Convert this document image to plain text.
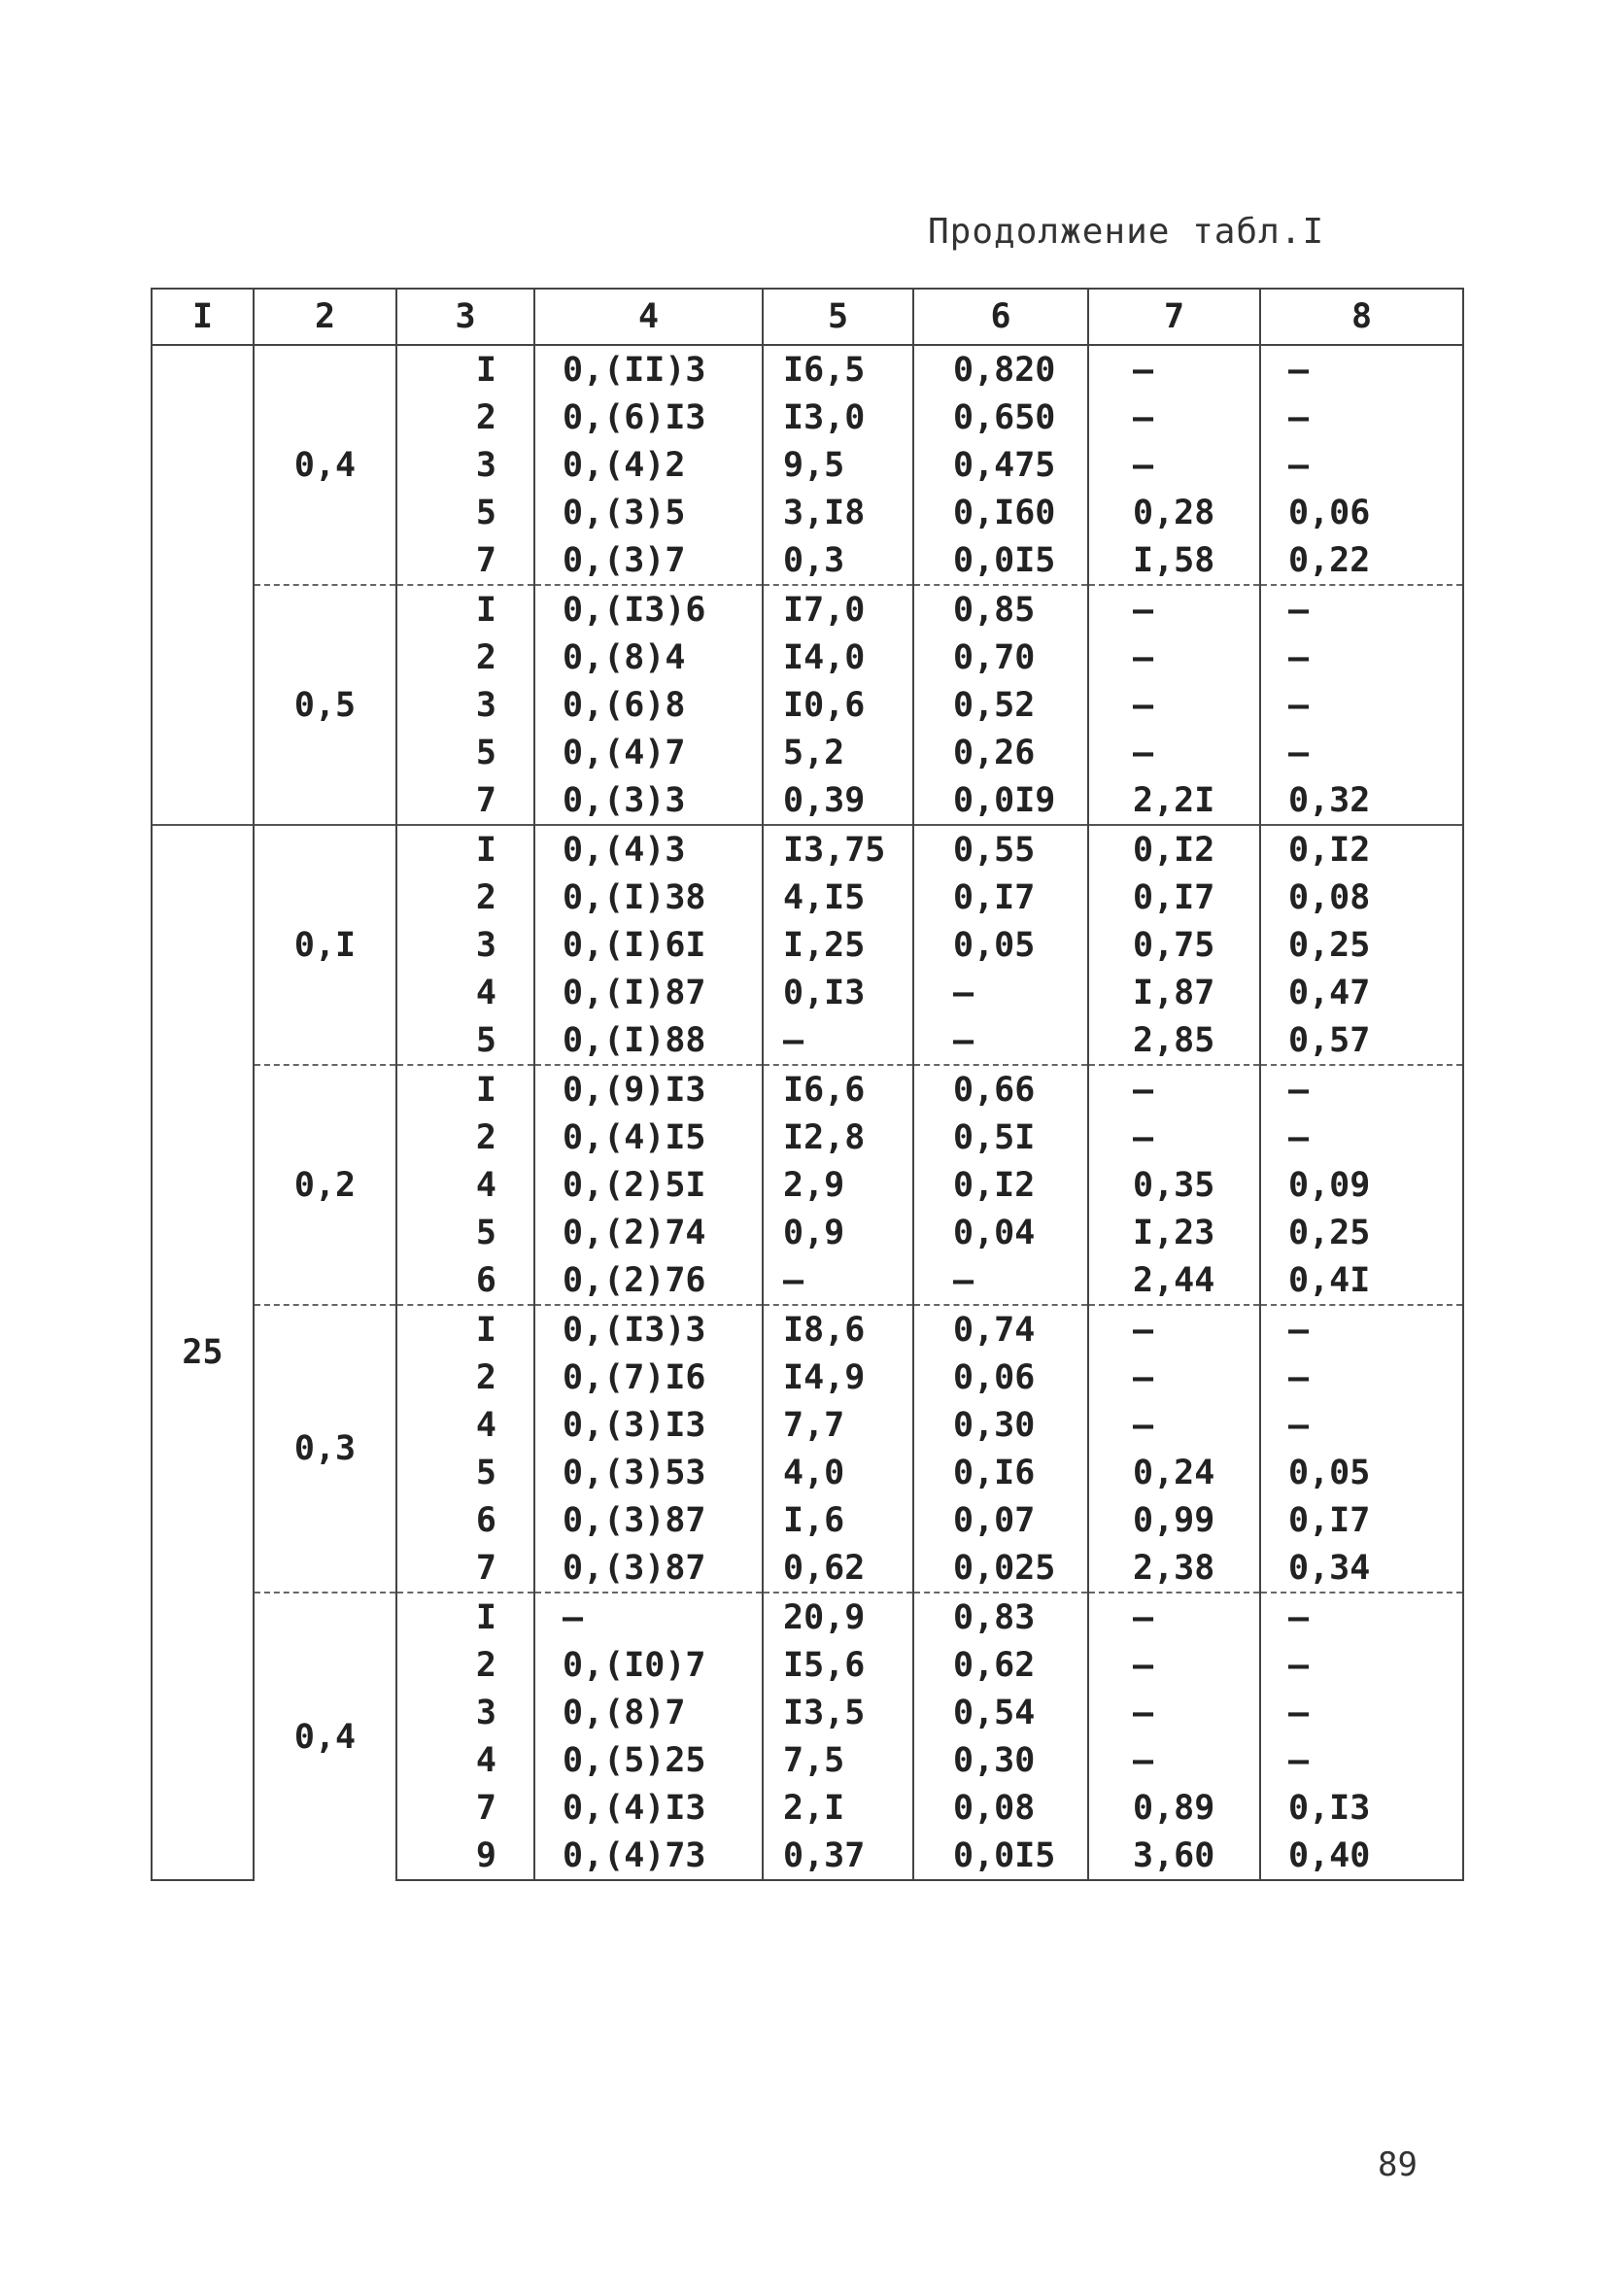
Продолжение табл.I
I	2	3	4	5	6	7	8
	0,4	I	0,(II)3	I6,5	0,820	–	–
		2	0,(6)I3	I3,0	0,650	–	–
		3	0,(4)2	9,5	0,475	–	–
		5	0,(3)5	3,I8	0,I60	0,28	0,06
		7	0,(3)7	0,3	0,0I5	I,58	0,22
	0,5	I	0,(I3)6	I7,0	0,85	–	–
		2	0,(8)4	I4,0	0,70	–	–
		3	0,(6)8	I0,6	0,52	–	–
		5	0,(4)7	5,2	0,26	–	–
		7	0,(3)3	0,39	0,0I9	2,2I	0,32
25	0,I	I	0,(4)3	I3,75	0,55	0,I2	0,I2
		2	0,(I)38	4,I5	0,I7	0,I7	0,08
		3	0,(I)6I	I,25	0,05	0,75	0,25
		4	0,(I)87	0,I3	–	I,87	0,47
		5	0,(I)88	–	–	2,85	0,57
	0,2	I	0,(9)I3	I6,6	0,66	–	–
		2	0,(4)I5	I2,8	0,5I	–	–
		4	0,(2)5I	2,9	0,I2	0,35	0,09
		5	0,(2)74	0,9	0,04	I,23	0,25
		6	0,(2)76	–	–	2,44	0,4I
	0,3	I	0,(I3)3	I8,6	0,74	–	–
		2	0,(7)I6	I4,9	0,06	–	–
		4	0,(3)I3	7,7	0,30	–	–
		5	0,(3)53	4,0	0,I6	0,24	0,05
		6	0,(3)87	I,6	0,07	0,99	0,I7
		7	0,(3)87	0,62	0,025	2,38	0,34
	0,4	I	–	20,9	0,83	–	–
		2	0,(I0)7	I5,6	0,62	–	–
		3	0,(8)7	I3,5	0,54	–	–
		4	0,(5)25	7,5	0,30	–	–
		7	0,(4)I3	2,I	0,08	0,89	0,I3
		9	0,(4)73	0,37	0,0I5	3,60	0,40
89
